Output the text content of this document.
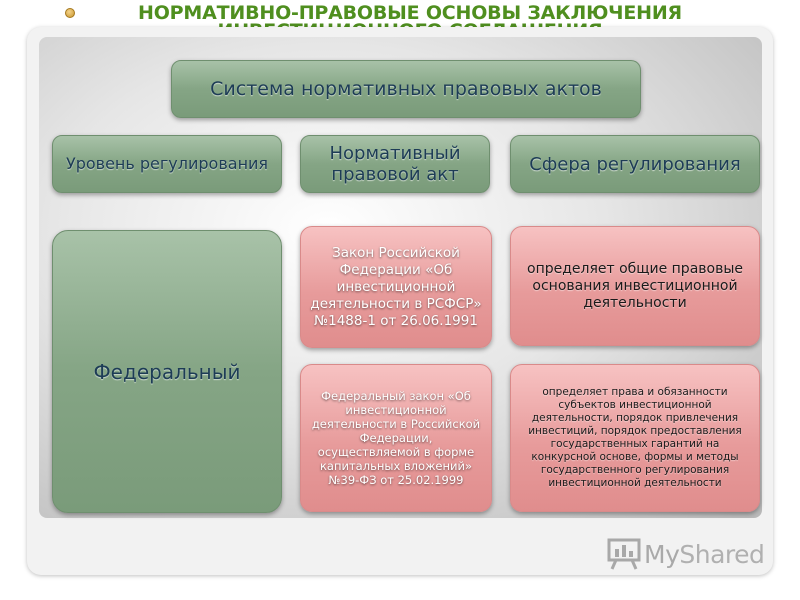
НОРМАТИВНО-ПРАВОВЫЕ ОСНОВЫ ЗАКЛЮЧЕНИЯ
Система нормативных правовых актов
Уровень регулирования	Нормативный правовой акт	Сфера регулирования
Федеральный
Закон Российской Федерации «Об инвестиционной деятельности в РСФСР» №1488-1 от 26.06.1991
Федеральный закон «Об инвестиционной деятельности в Российской Федерации, осуществляемой в форме капитальных вложений» №39-ФЗ от 25.02.1999
определяет общие правовые основания инвестиционной деятельности
определяет права и обязанности субъектов инвестиционной деятельности, порядок привлечения инвестиций, порядок предоставления государственных гарантий на конкурсной основе, формы и методы государственного регулирования инвестиционной деятельности
MyShared
